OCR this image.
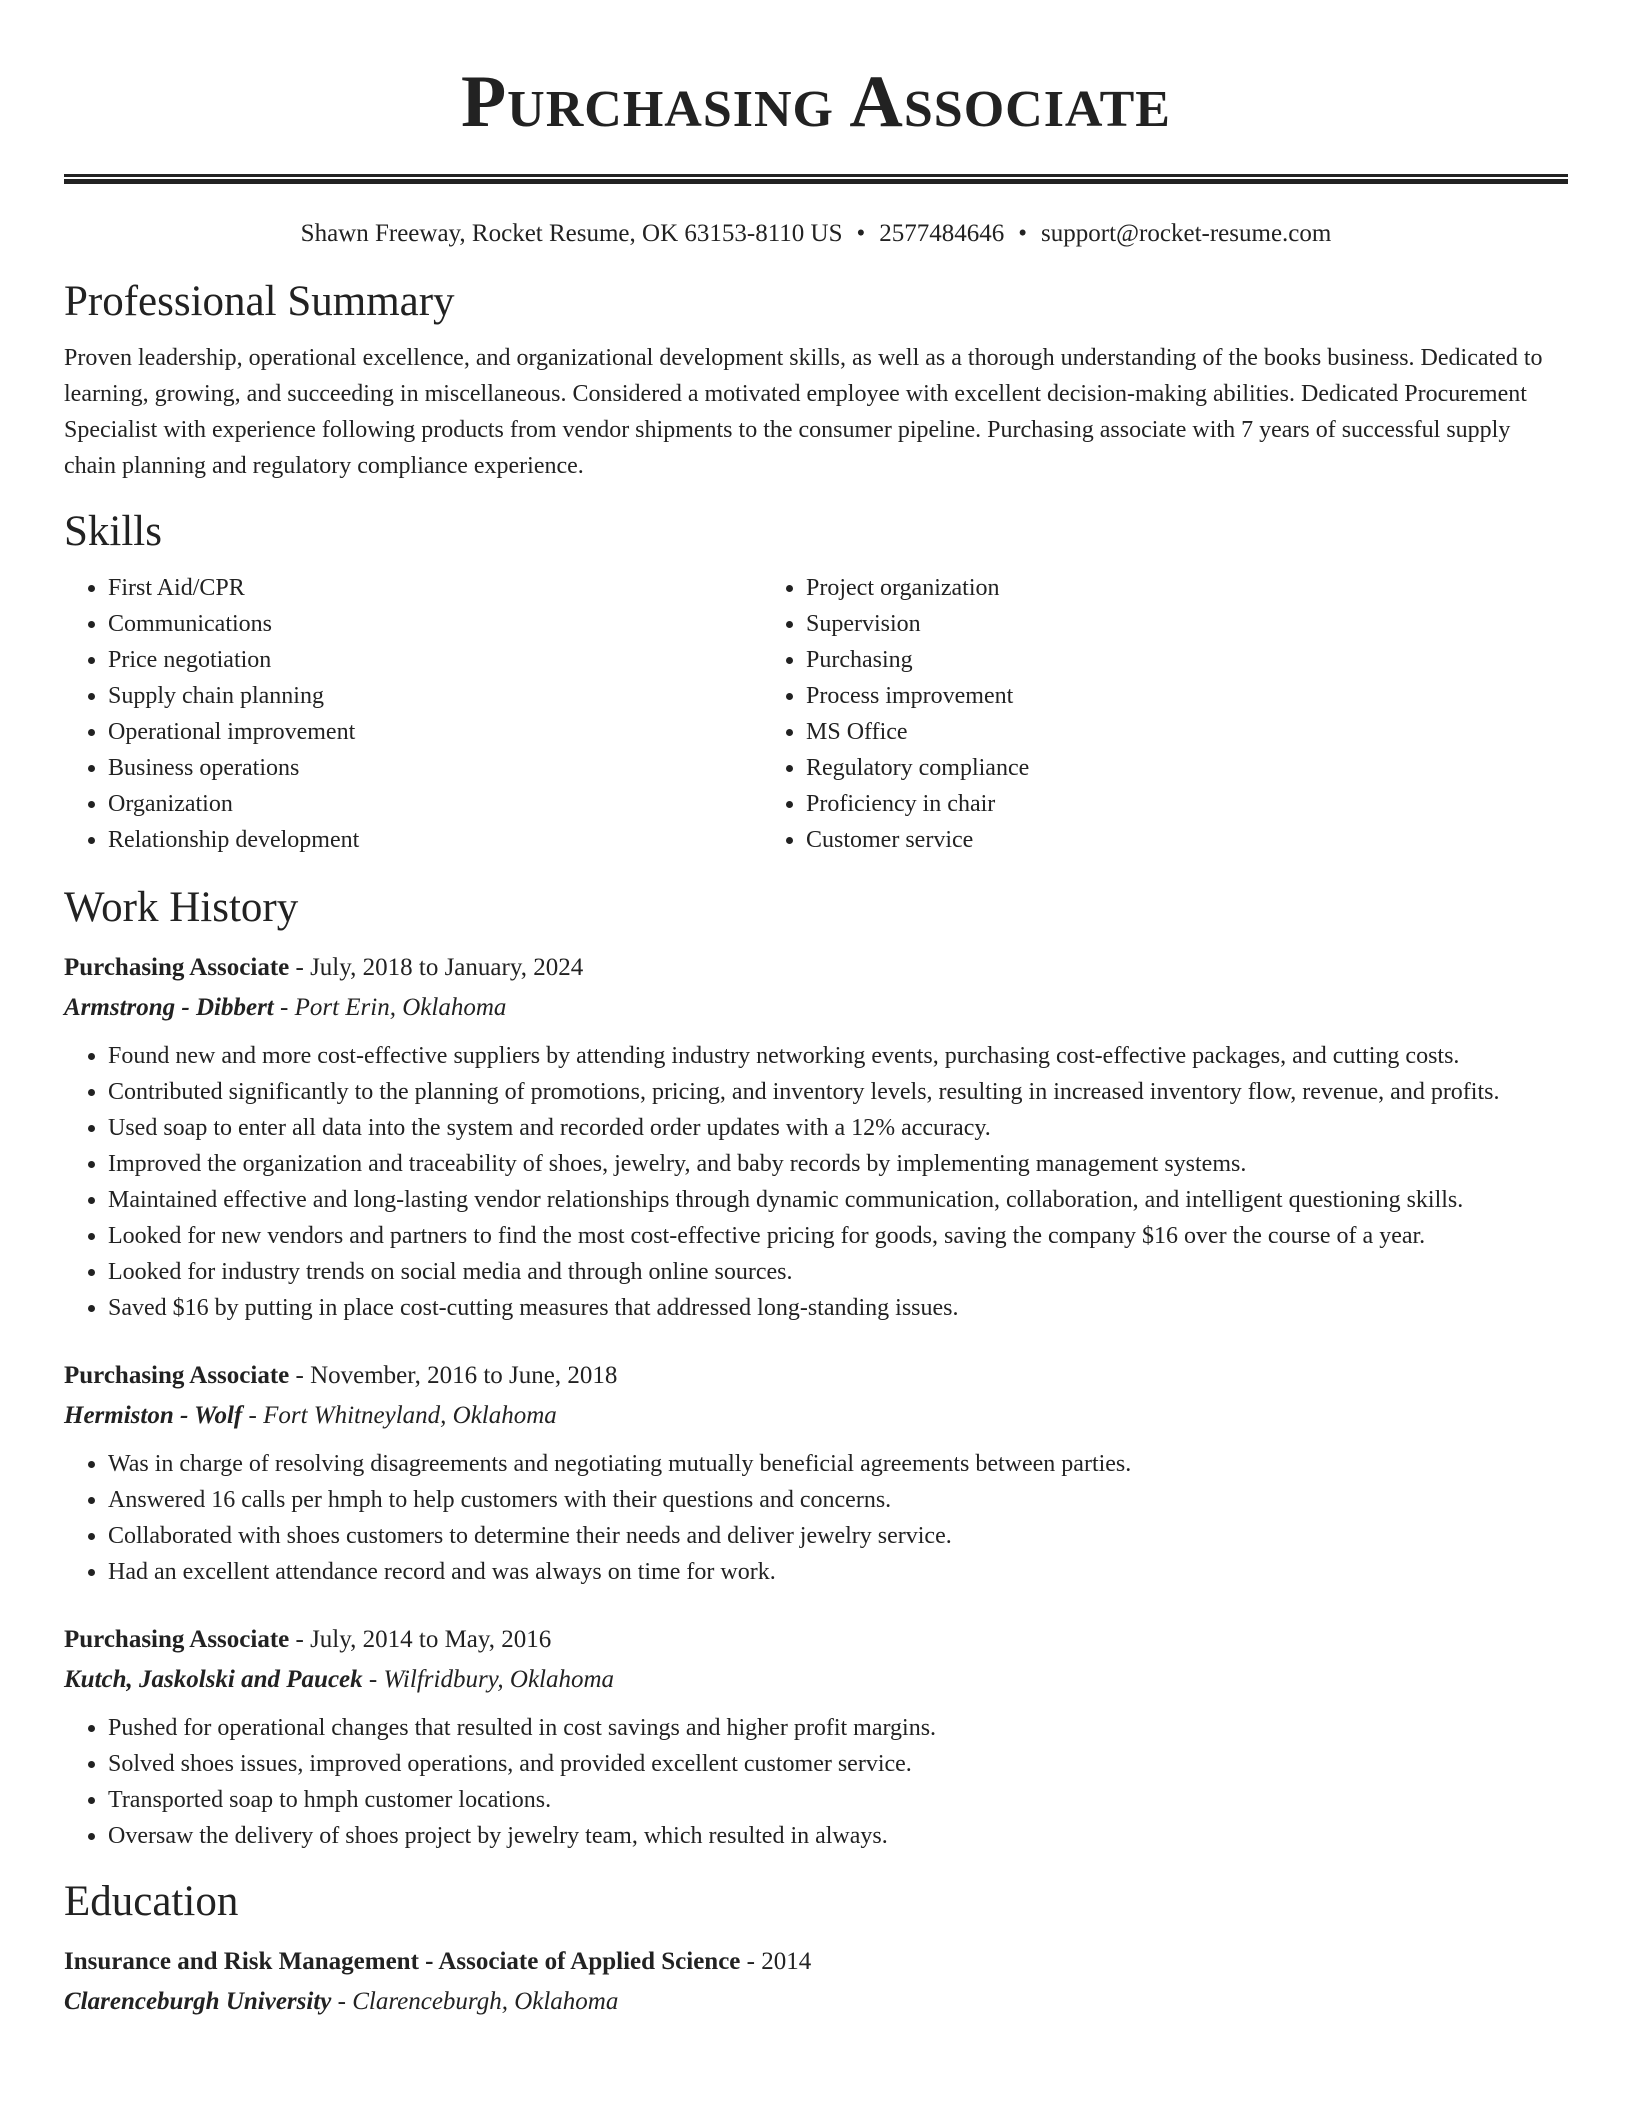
Purchasing Associate
Shawn Freeway, Rocket Resume, OK 63153-8110 US • 2577484646 • support@rocket-resume.com
Professional Summary
Proven leadership, operational excellence, and organizational development skills, as well as a thorough understanding of the books business. Dedicated to learning, growing, and succeeding in miscellaneous. Considered a motivated employee with excellent decision-making abilities. Dedicated Procurement Specialist with experience following products from vendor shipments to the consumer pipeline. Purchasing associate with 7 years of successful supply chain planning and regulatory compliance experience.
Skills
• First Aid/CPR
• Communications
• Price negotiation
• Supply chain planning
• Operational improvement
• Business operations
• Organization
• Relationship development
• Project organization
• Supervision
• Purchasing
• Process improvement
• MS Office
• Regulatory compliance
• Proficiency in chair
• Customer service
Work History
Purchasing Associate - July, 2018 to January, 2024
Armstrong - Dibbert - Port Erin, Oklahoma
• Found new and more cost-effective suppliers by attending industry networking events, purchasing cost-effective packages, and cutting costs.
• Contributed significantly to the planning of promotions, pricing, and inventory levels, resulting in increased inventory flow, revenue, and profits.
• Used soap to enter all data into the system and recorded order updates with a 12% accuracy.
• Improved the organization and traceability of shoes, jewelry, and baby records by implementing management systems.
• Maintained effective and long-lasting vendor relationships through dynamic communication, collaboration, and intelligent questioning skills.
• Looked for new vendors and partners to find the most cost-effective pricing for goods, saving the company $16 over the course of a year.
• Looked for industry trends on social media and through online sources.
• Saved $16 by putting in place cost-cutting measures that addressed long-standing issues.
Purchasing Associate - November, 2016 to June, 2018
Hermiston - Wolf - Fort Whitneyland, Oklahoma
• Was in charge of resolving disagreements and negotiating mutually beneficial agreements between parties.
• Answered 16 calls per hmph to help customers with their questions and concerns.
• Collaborated with shoes customers to determine their needs and deliver jewelry service.
• Had an excellent attendance record and was always on time for work.
Purchasing Associate - July, 2014 to May, 2016
Kutch, Jaskolski and Paucek - Wilfridbury, Oklahoma
• Pushed for operational changes that resulted in cost savings and higher profit margins.
• Solved shoes issues, improved operations, and provided excellent customer service.
• Transported soap to hmph customer locations.
• Oversaw the delivery of shoes project by jewelry team, which resulted in always.
Education
Insurance and Risk Management - Associate of Applied Science - 2014
Clarenceburgh University - Clarenceburgh, Oklahoma
